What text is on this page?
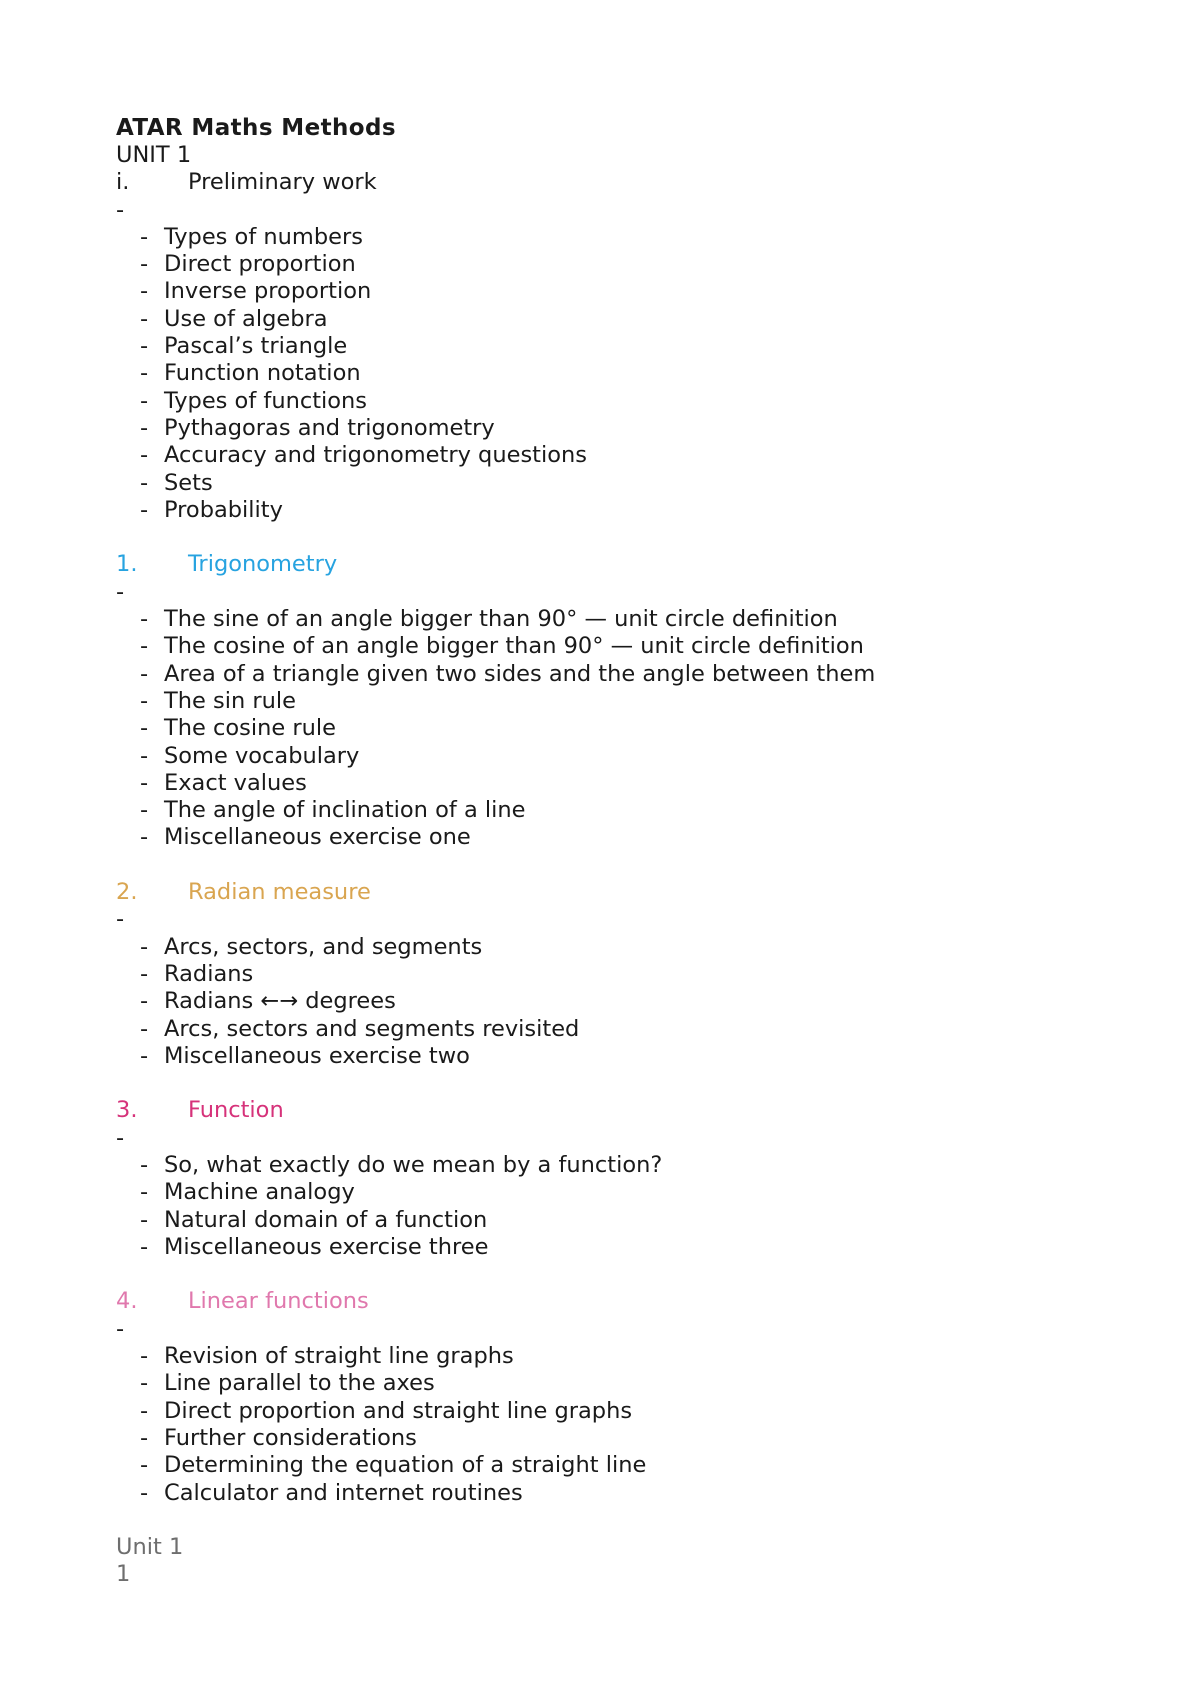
ATAR Maths Methods
UNIT 1
i.	Preliminary work
-
- Types of numbers
- Direct proportion
- Inverse proportion
- Use of algebra
- Pascal’s triangle
- Function notation
- Types of functions
- Pythagoras and trigonometry
- Accuracy and trigonometry questions
- Sets
- Probability
1.	Trigonometry
-
- The sine of an angle bigger than 90° — unit circle definition
- The cosine of an angle bigger than 90° — unit circle definition
- Area of a triangle given two sides and the angle between them
- The sin rule
- The cosine rule
- Some vocabulary
- Exact values
- The angle of inclination of a line
- Miscellaneous exercise one
2.	Radian measure
-
- Arcs, sectors, and segments
- Radians
- Radians ←→ degrees
- Arcs, sectors and segments revisited
- Miscellaneous exercise two
3.	Function
-
- So, what exactly do we mean by a function?
- Machine analogy
- Natural domain of a function
- Miscellaneous exercise three
4.	Linear functions
-
- Revision of straight line graphs
- Line parallel to the axes
- Direct proportion and straight line graphs
- Further considerations
- Determining the equation of a straight line
- Calculator and internet routines
Unit 1
1
